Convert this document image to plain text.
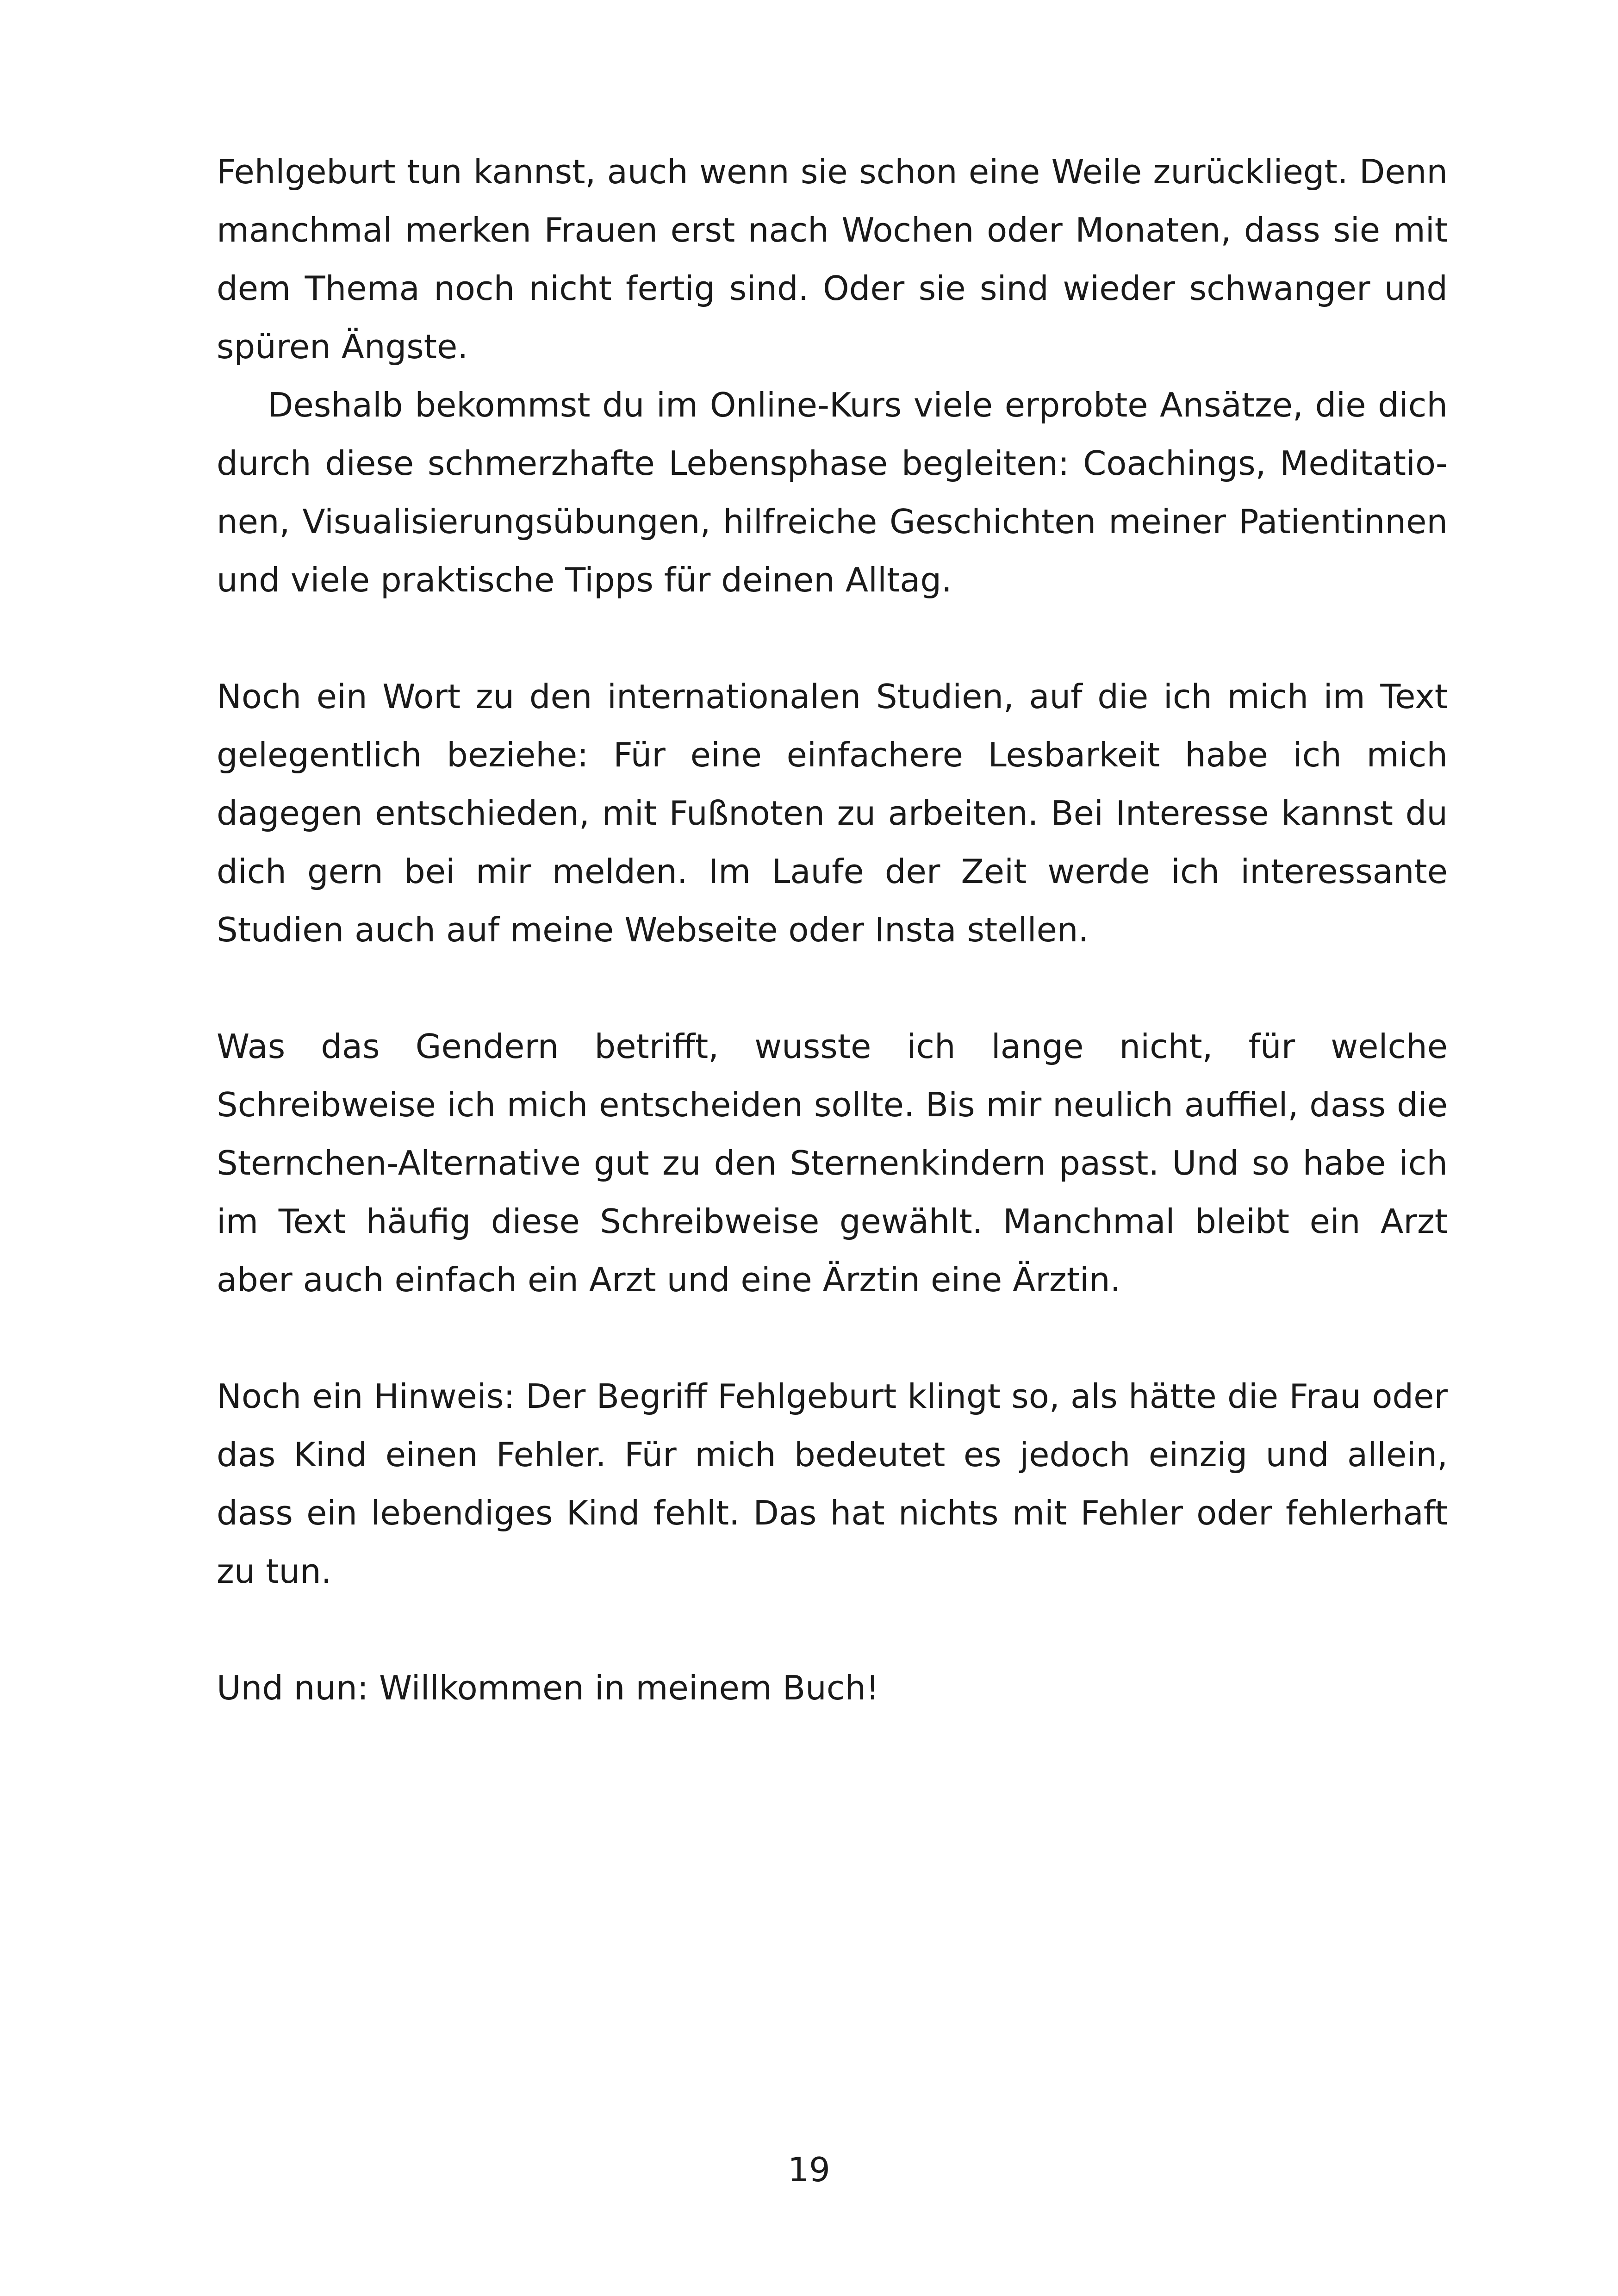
Fehlgeburt tun kannst, auch wenn sie schon eine Weile zurückliegt. Denn manchmal merken Frauen erst nach Wochen oder Monaten, dass sie mit dem Thema noch nicht fertig sind. Oder sie sind wieder schwanger und spüren Ängste.

Deshalb bekommst du im Online-Kurs viele erprobte Ansätze, die dich durch diese schmerzhafte Lebensphase begleiten: Coachings, Meditationen, Visualisierungsübungen, hilfreiche Geschichten meiner Patientinnen und viele praktische Tipps für deinen Alltag.

Noch ein Wort zu den internationalen Studien, auf die ich mich im Text gelegentlich beziehe: Für eine einfachere Lesbarkeit habe ich mich dagegen entschieden, mit Fußnoten zu arbeiten. Bei Interesse kannst du dich gern bei mir melden. Im Laufe der Zeit werde ich interessante Studien auch auf meine Webseite oder Insta stellen.

Was das Gendern betrifft, wusste ich lange nicht, für welche Schreibweise ich mich entscheiden sollte. Bis mir neulich auffiel, dass die Sternchen-Alternative gut zu den Sternenkindern passt. Und so habe ich im Text häufig diese Schreibweise gewählt. Manchmal bleibt ein Arzt aber auch einfach ein Arzt und eine Ärztin eine Ärztin.

Noch ein Hinweis: Der Begriff Fehlgeburt klingt so, als hätte die Frau oder das Kind einen Fehler. Für mich bedeutet es jedoch einzig und allein, dass ein lebendiges Kind fehlt. Das hat nichts mit Fehler oder fehlerhaft zu tun.

Und nun: Willkommen in meinem Buch!

19
